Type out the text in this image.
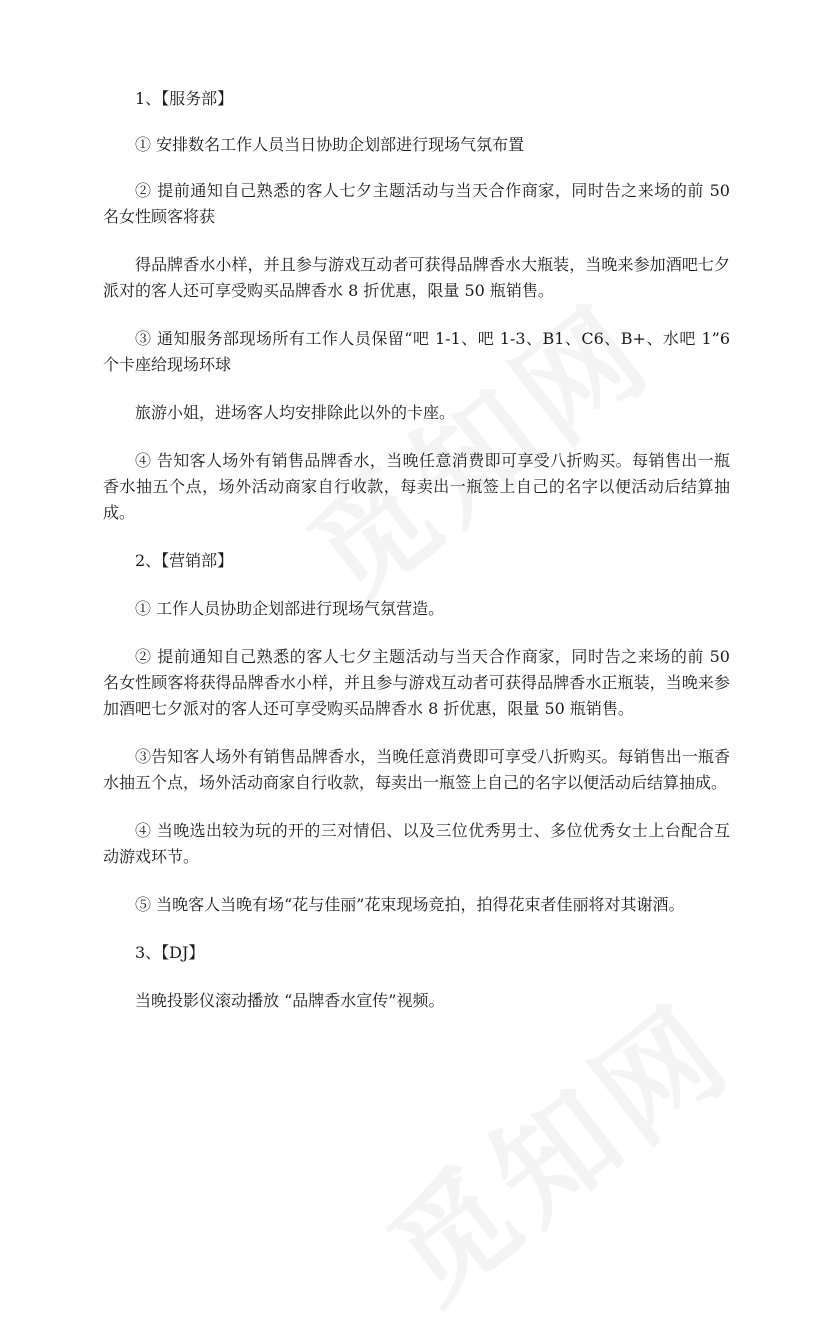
1、【服务部】

① 安排数名工作人员当日协助企划部进行现场气氛布置

② 提前通知自己熟悉的客人七夕主题活动与当天合作商家，同时告之来场的前 50 名女性顾客将获

得品牌香水小样，并且参与游戏互动者可获得品牌香水大瓶装，当晚来参加酒吧七夕派对的客人还可享受购买品牌香水 8 折优惠，限量 50 瓶销售。

③ 通知服务部现场所有工作人员保留“吧 1-1、吧 1-3、B1、C6、B+、水吧 1”6 个卡座给现场环球

旅游小姐，进场客人均安排除此以外的卡座。

④ 告知客人场外有销售品牌香水，当晚任意消费即可享受八折购买。每销售出一瓶香水抽五个点，场外活动商家自行收款，每卖出一瓶签上自己的名字以便活动后结算抽成。

2、【营销部】

① 工作人员协助企划部进行现场气氛营造。

② 提前通知自己熟悉的客人七夕主题活动与当天合作商家，同时告之来场的前 50 名女性顾客将获得品牌香水小样，并且参与游戏互动者可获得品牌香水正瓶装，当晚来参加酒吧七夕派对的客人还可享受购买品牌香水 8 折优惠，限量 50 瓶销售。

③告知客人场外有销售品牌香水，当晚任意消费即可享受八折购买。每销售出一瓶香水抽五个点，场外活动商家自行收款，每卖出一瓶签上自己的名字以便活动后结算抽成。

④ 当晚选出较为玩的开的三对情侣、以及三位优秀男士、多位优秀女士上台配合互动游戏环节。

⑤ 当晚客人当晚有场“花与佳丽”花束现场竞拍，拍得花束者佳丽将对其谢酒。

3、【DJ】

当晚投影仪滚动播放 “品牌香水宣传”视频。
